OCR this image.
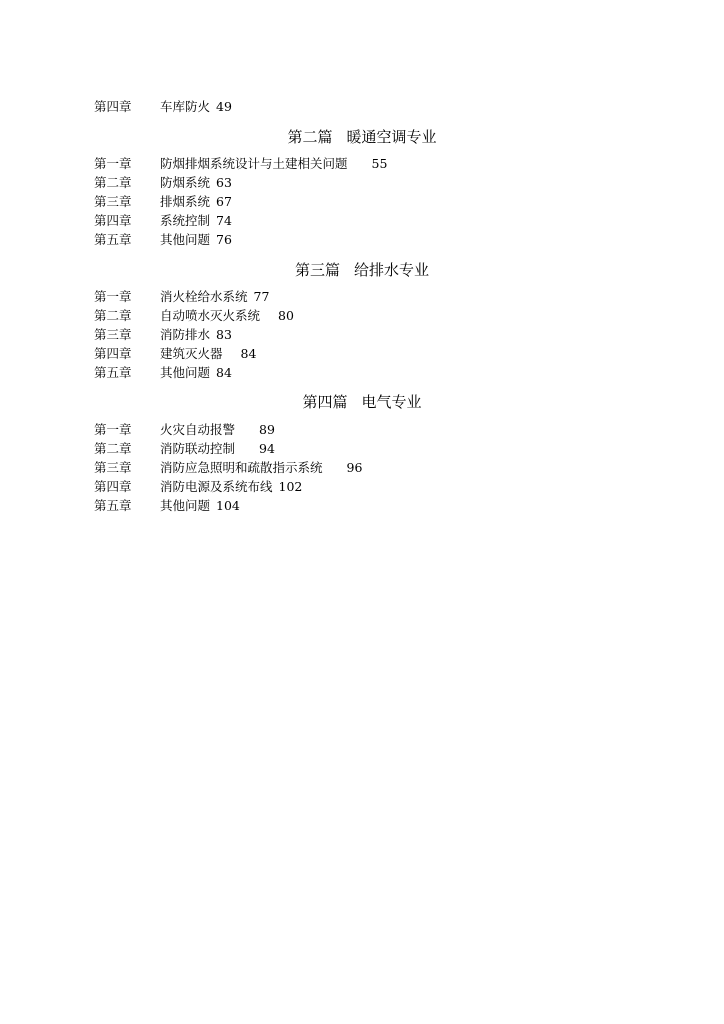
第四章 车库防火 49
第二篇 暖通空调专业
第一章 防烟排烟系统设计与土建相关问题 55
第二章 防烟系统 63
第三章 排烟系统 67
第四章 系统控制 74
第五章 其他问题 76
第三篇 给排水专业
第一章 消火栓给水系统 77
第二章 自动喷水灭火系统 80
第三章 消防排水 83
第四章 建筑灭火器 84
第五章 其他问题 84
第四篇 电气专业
第一章 火灾自动报警 89
第二章 消防联动控制 94
第三章 消防应急照明和疏散指示系统 96
第四章 消防电源及系统布线 102
第五章 其他问题 104
